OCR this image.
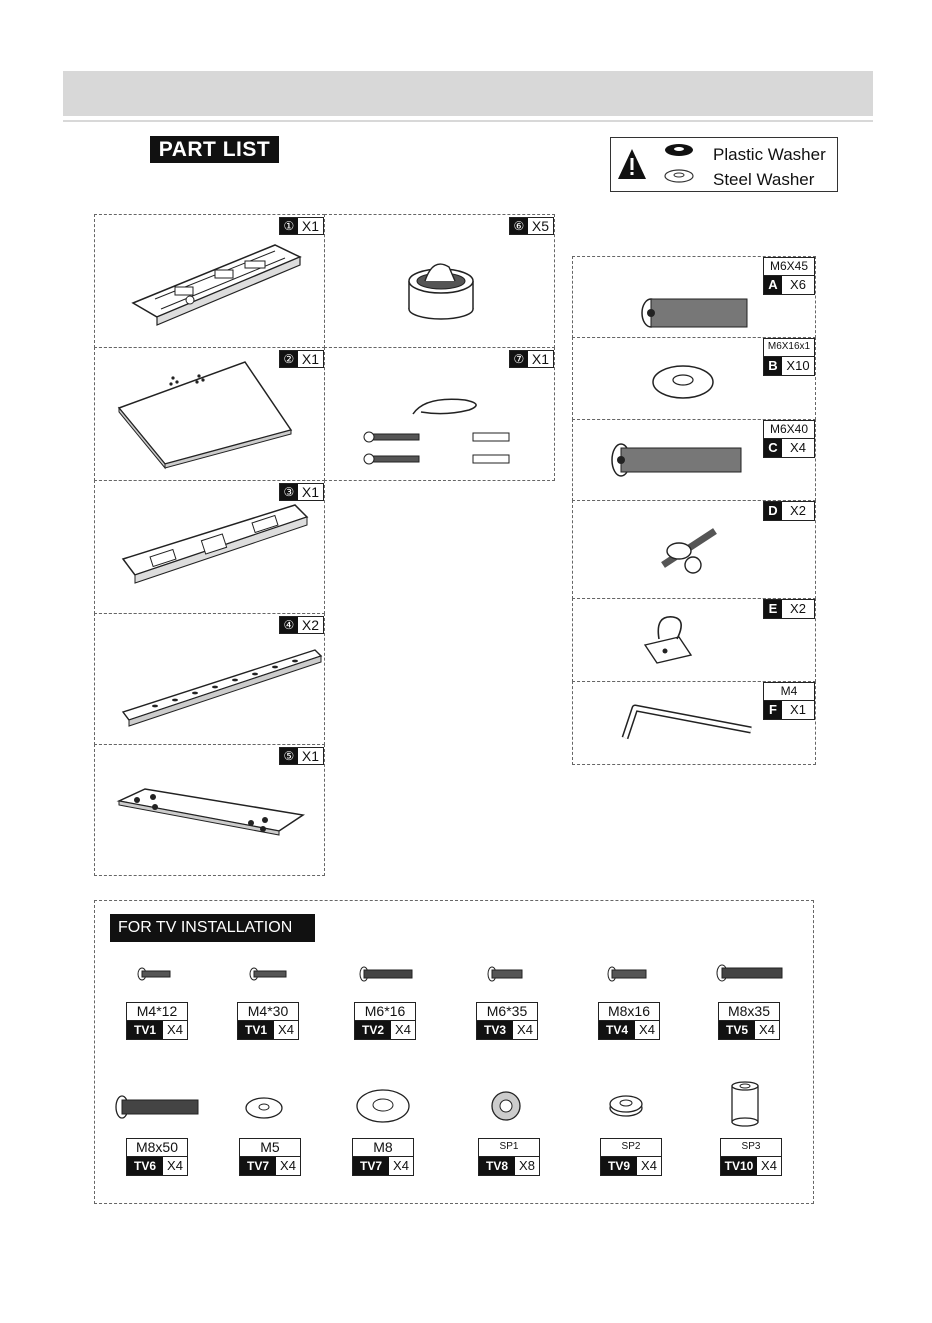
PART LIST	Plastic Washer
Steel Washer
① X1
② X1
③ X1
④ X2
⑤ X1
⑥ X5
⑦ X1
M6X45
A X6
M6X16x1
B X10
M6X40
C X4
D X2
E X2
M4
F	X1
FOR TV INSTALLATION
M4*12
TV1 X4
M4*30
TV1 X4
M6*16
TV2 X4
M6*35
TV3 X4
M8x16
TV4 X4
M8x35
TV5 X4
M8x50
TV6 X4
M5
TV7 X4
M8
TV7 X4
SP1
TV8 X8
SP2
TV9 X4
SP3
TV10 X4
